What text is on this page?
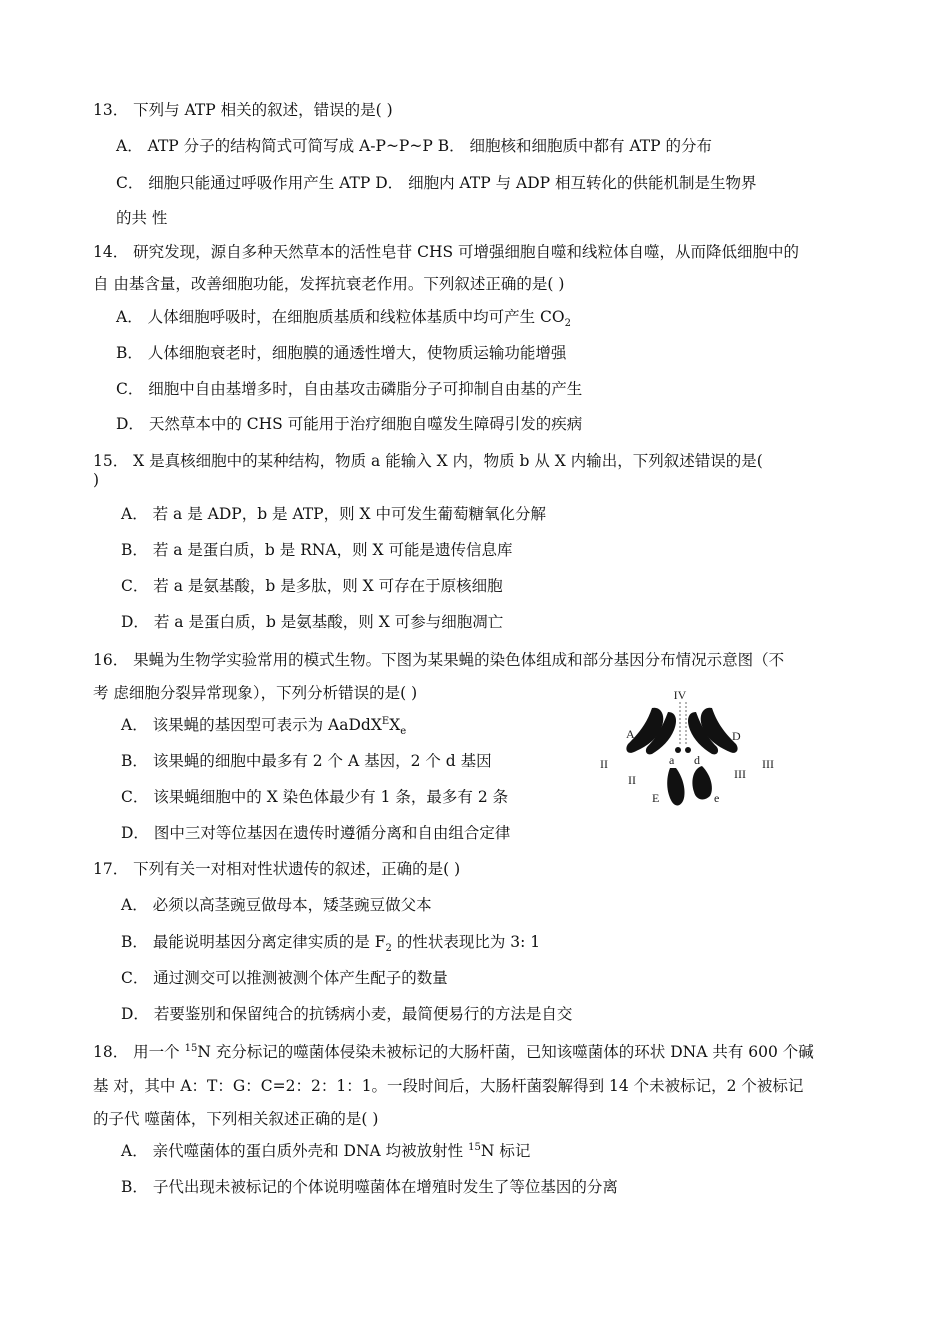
13． 下列与 ATP 相关的叙述，错误的是( )
A． ATP 分子的结构简式可简写成 A-P~P~P B． 细胞核和细胞质中都有 ATP 的分布
C． 细胞只能通过呼吸作用产生 ATP D． 细胞内 ATP 与 ADP 相互转化的供能机制是生物界
的共 性
14． 研究发现，源自多种天然草本的活性皂苷 CHS 可增强细胞自噬和线粒体自噬，从而降低细胞中的
自 由基含量，改善细胞功能，发挥抗衰老作用。下列叙述正确的是( )
A． 人体细胞呼吸时，在细胞质基质和线粒体基质中均可产生 $CO_2$
B． 人体细胞衰老时，细胞膜的通透性增大，使物质运输功能增强
C． 细胞中自由基增多时，自由基攻击磷脂分子可抑制自由基的产生
D． 天然草本中的 CHS 可能用于治疗细胞自噬发生障碍引发的疾病
15． X 是真核细胞中的某种结构，物质 a 能输入 X 内，物质 b 从 X 内输出，下列叙述错误的是(
)
A． 若 a 是 ADP，b 是 ATP，则 X 中可发生葡萄糖氧化分解
B． 若 a 是蛋白质，b 是 RNA，则 X 可能是遗传信息库
C． 若 a 是氨基酸，b 是多肽，则 X 可存在于原核细胞
D． 若 a 是蛋白质，b 是氨基酸，则 X 可参与细胞凋亡
16． 果蝇为生物学实验常用的模式生物。下图为某果蝇的染色体组成和部分基因分布情况示意图（不
考 虑细胞分裂异常现象），下列分析错误的是( )
A． 该果蝇的基因型可表示为 $AaDdX^EX_e$
B． 该果蝇的细胞中最多有 2 个 A 基因，2 个 d 基因
C． 该果蝇细胞中的 X 染色体最少有 1 条，最多有 2 条
D． 图中三对等位基因在遗传时遵循分离和自由组合定律
IV
II
II
III
III
A
a d
D
E	e
17． 下列有关一对相对性状遗传的叙述，正确的是( )
A． 必须以高茎豌豆做母本，矮茎豌豆做父本
B． 最能说明基因分离定律实质的是 $F_2$ 的性状表现比为 3: 1
C． 通过测交可以推测被测个体产生配子的数量
D． 若要鉴别和保留纯合的抗锈病小麦，最简便易行的方法是自交
18． 用一个 $^{15}$N 充分标记的噬菌体侵染未被标记的大肠杆菌，已知该噬菌体的环状 DNA 共有 600 个碱
基 对，其中 A：T：G：C=2：2：1：1。一段时间后，大肠杆菌裂解得到 14 个未被标记，2 个被标记
的子代 噬菌体，下列相关叙述正确的是( )
A． 亲代噬菌体的蛋白质外壳和 DNA 均被放射性 $^{15}$N 标记
B． 子代出现未被标记的个体说明噬菌体在增殖时发生了等位基因的分离
